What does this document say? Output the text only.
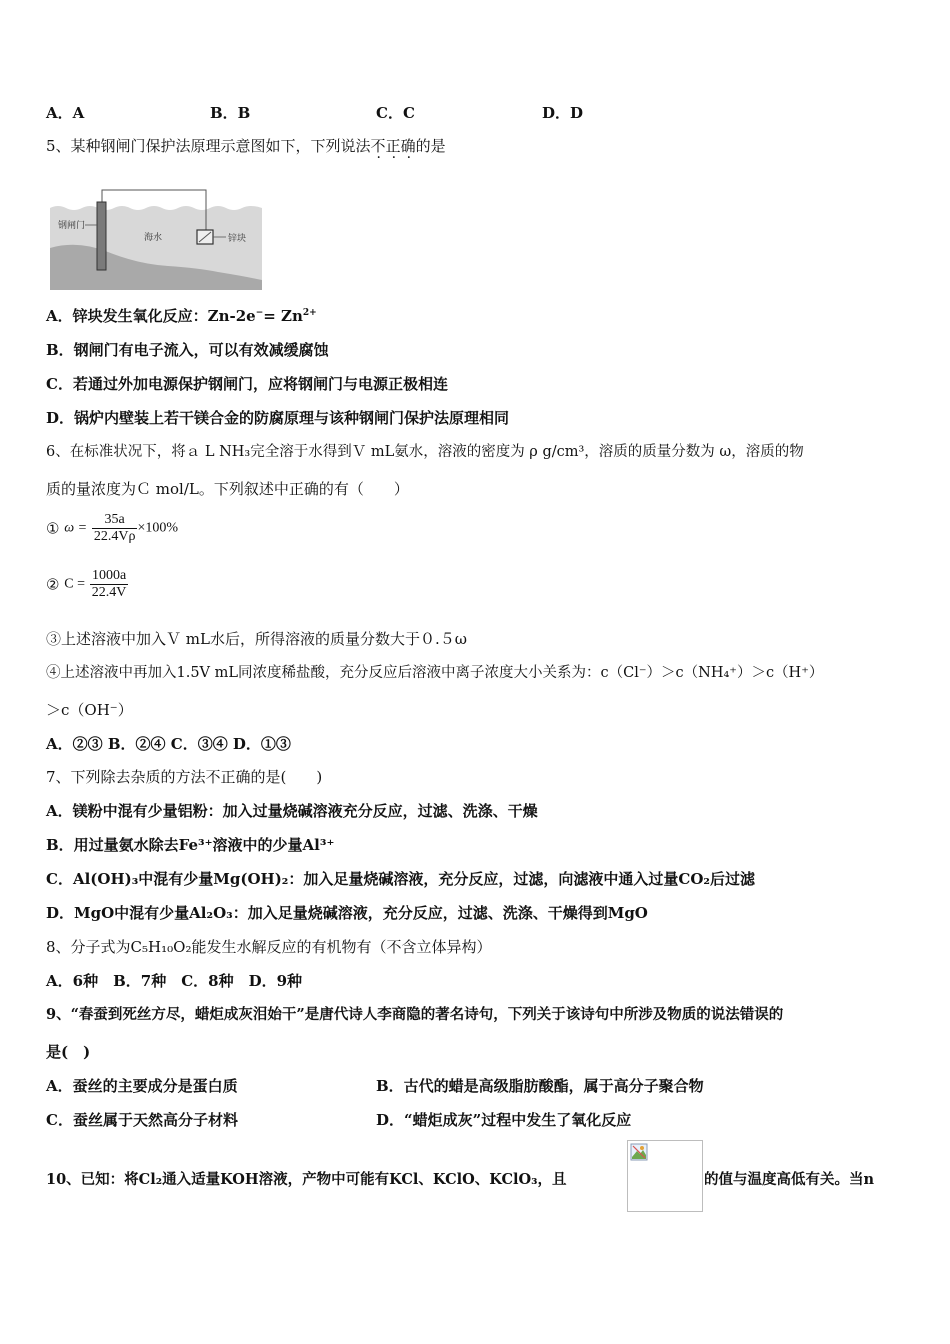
A．A	B．B	C．C	D．D
5、某种钢闸门保护法原理示意图如下，下列说法不正确的是
钢闸门
海水	锌块
A．锌块发生氧化反应：$Zn-2e^-= Zn^{2+}$
B．钢闸门有电子流入，可以有效减缓腐蚀
C．若通过外加电源保护钢闸门，应将钢闸门与电源正极相连
D．锅炉内壁装上若干镁合金的防腐原理与该种钢闸门保护法原理相同
6、在标准状况下，将ａ L NH₃完全溶于水得到Ｖ mL氨水，溶液的密度为 ρ g/cm³，溶质的质量分数为 ω，溶质的物
质的量浓度为Ｃ mol/L。下列叙述中正确的有（　　）
① $\omega = \frac{35a}{22.4V\rho} \times 100\%$
② $C = \frac{1000a}{22.4V}$
③上述溶液中加入Ｖ mL水后，所得溶液的质量分数大于０.５ω
④上述溶液中再加入1.5V mL同浓度稀盐酸，充分反应后溶液中离子浓度大小关系为：c（Cl⁻）＞c（NH₄⁺）＞c（H⁺）
＞c（OH⁻）
A．②③ B．②④ C．③④ D．①③
7、下列除去杂质的方法不正确的是(　　)
A．镁粉中混有少量铝粉：加入过量烧碱溶液充分反应，过滤、洗涤、干燥
B．用过量氨水除去Fe³⁺溶液中的少量Al³⁺
C．Al(OH)₃中混有少量Mg(OH)₂：加入足量烧碱溶液，充分反应，过滤，向滤液中通入过量CO₂后过滤
D．MgO中混有少量Al₂O₃：加入足量烧碱溶液，充分反应，过滤、洗涤、干燥得到MgO
8、分子式为C₅H₁₀O₂能发生水解反应的有机物有（不含立体异构）
A．6种　B．7种　C．8种　D．9种
9、“春蚕到死丝方尽，蜡炬成灰泪始干”是唐代诗人李商隐的著名诗句，下列关于该诗句中所涉及物质的说法错误的
是(　)
A．蚕丝的主要成分是蛋白质	B．古代的蜡是高级脂肪酸酯，属于高分子聚合物
C．蚕丝属于天然高分子材料	D．“蜡炬成灰”过程中发生了氧化反应
10、已知：将Cl₂通入适量KOH溶液，产物中可能有KCl、KClO、KClO₃，且	的值与温度高低有关。当n
